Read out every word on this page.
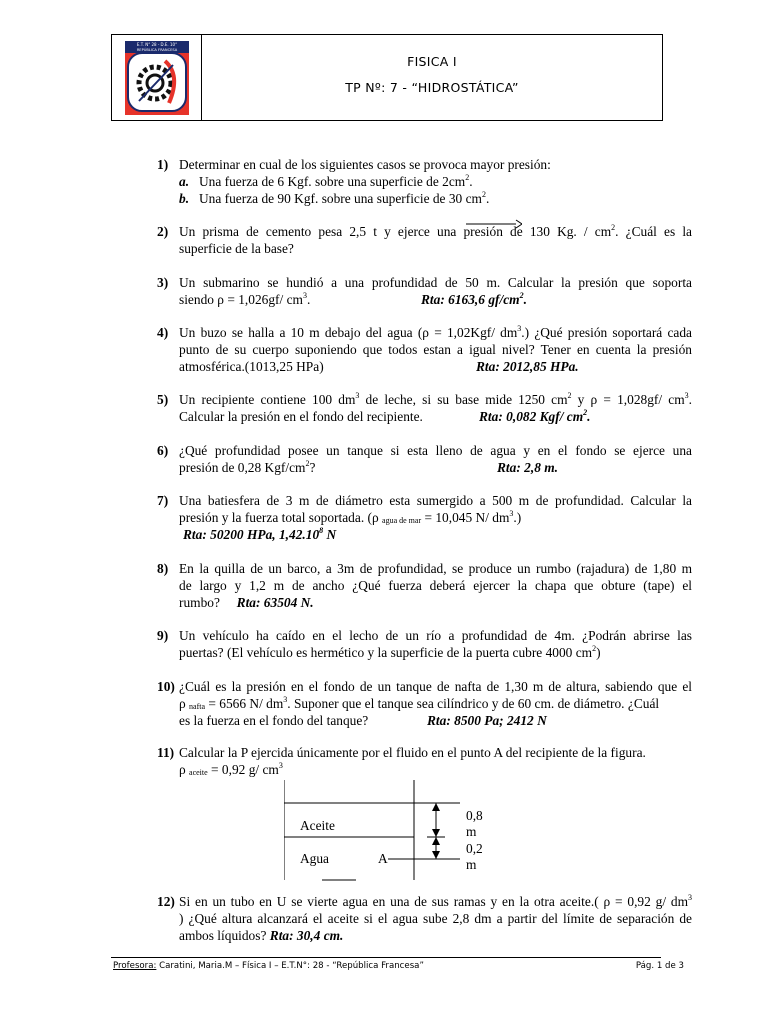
E.T. N° 28 - D.E. 10°
REPÚBLICA FRANCESA
FISICA I
TP Nº: 7 - “HIDROSTÁTICA”
1) Determinar en cual de los siguientes casos se provoca mayor presión:
a. Una fuerza de 6 Kgf. sobre una superficie de $2cm^2$.
b. Una fuerza de 90 Kgf. sobre una superficie de 30 $cm^2$.
2) Un prisma de cemento pesa 2,5 t y ejerce una presión de 130 Kg. / $cm^2$. ¿Cuál es la
superficie de la base?
3) Un submarino se hundió a una profundidad de 50 m. Calcular la presión que soporta
siendo ρ = 1,026gf/ $cm^3$.	Rta: 6163,6 $gf/cm^2$.
4) Un buzo se halla a 10 m debajo del agua (ρ = 1,02Kgf/ $dm^3$.) ¿Qué presión soportará cada
punto de su cuerpo suponiendo que todos estan a igual nivel? Tener en cuenta la presión
atmosférica.(1013,25 HPa)	Rta: 2012,85 HPa.
5) Un recipiente contiene 100 $dm^3$ de leche, si su base mide 1250 $cm^2$ y ρ = 1,028gf/ $cm^3$.
Calcular la presión en el fondo del recipiente.	Rta: 0,082 Kgf/ $cm^2$.
6) ¿Qué profundidad posee un tanque si esta lleno de agua y en el fondo se ejerce una
presión de 0,28 Kgf/$cm^2$?	Rta: 2,8 m.
7) Una batiesfera de 3 m de diámetro esta sumergido a 500 m de profundidad. Calcular la
presión y la fuerza total soportada. (ρ $_{agua de mar}$ = 10,045 N/ $dm^3$.)
Rta: 50200 HPa, 1,42.10$^8$ N
8) En la quilla de un barco, a 3m de profundidad, se produce un rumbo (rajadura) de 1,80 m
de largo y 1,2 m de ancho ¿Qué fuerza deberá ejercer la chapa que obture (tape) el
rumbo? Rta: 63504 N.
9) Un vehículo ha caído en el lecho de un río a profundidad de 4m. ¿Podrán abrirse las
puertas? (El vehículo es hermético y la superficie de la puerta cubre 4000 $cm^2$)
10) ¿Cuál es la presión en el fondo de un tanque de nafta de 1,30 m de altura, sabiendo que el
ρ $_{nafta}$ = 6566 N/ $dm^3$. Suponer que el tanque sea cilíndrico y de 60 cm. de diámetro. ¿Cuál
es la fuerza en el fondo del tanque?	Rta: 8500 Pa; 2412 N
11) Calcular la P ejercida únicamente por el fluido en el punto A del recipiente de la figura.
ρ $_{aceite}$ = 0,92 g/ $cm^3$
Aceite
Agua	A
0,8 m
0,2 m
12) Si en un tubo en U se vierte agua en una de sus ramas y en la otra aceite.( ρ = 0,92 g/ $dm^3$
) ¿Qué altura alcanzará el aceite si el agua sube 2,8 dm a partir del límite de separación de
ambos líquidos? Rta: 30,4 cm.
Profesora: Caratini, Maria.M – Física I – E.T.N°: 28 - “República Francesa”	Pág. 1 de 3
